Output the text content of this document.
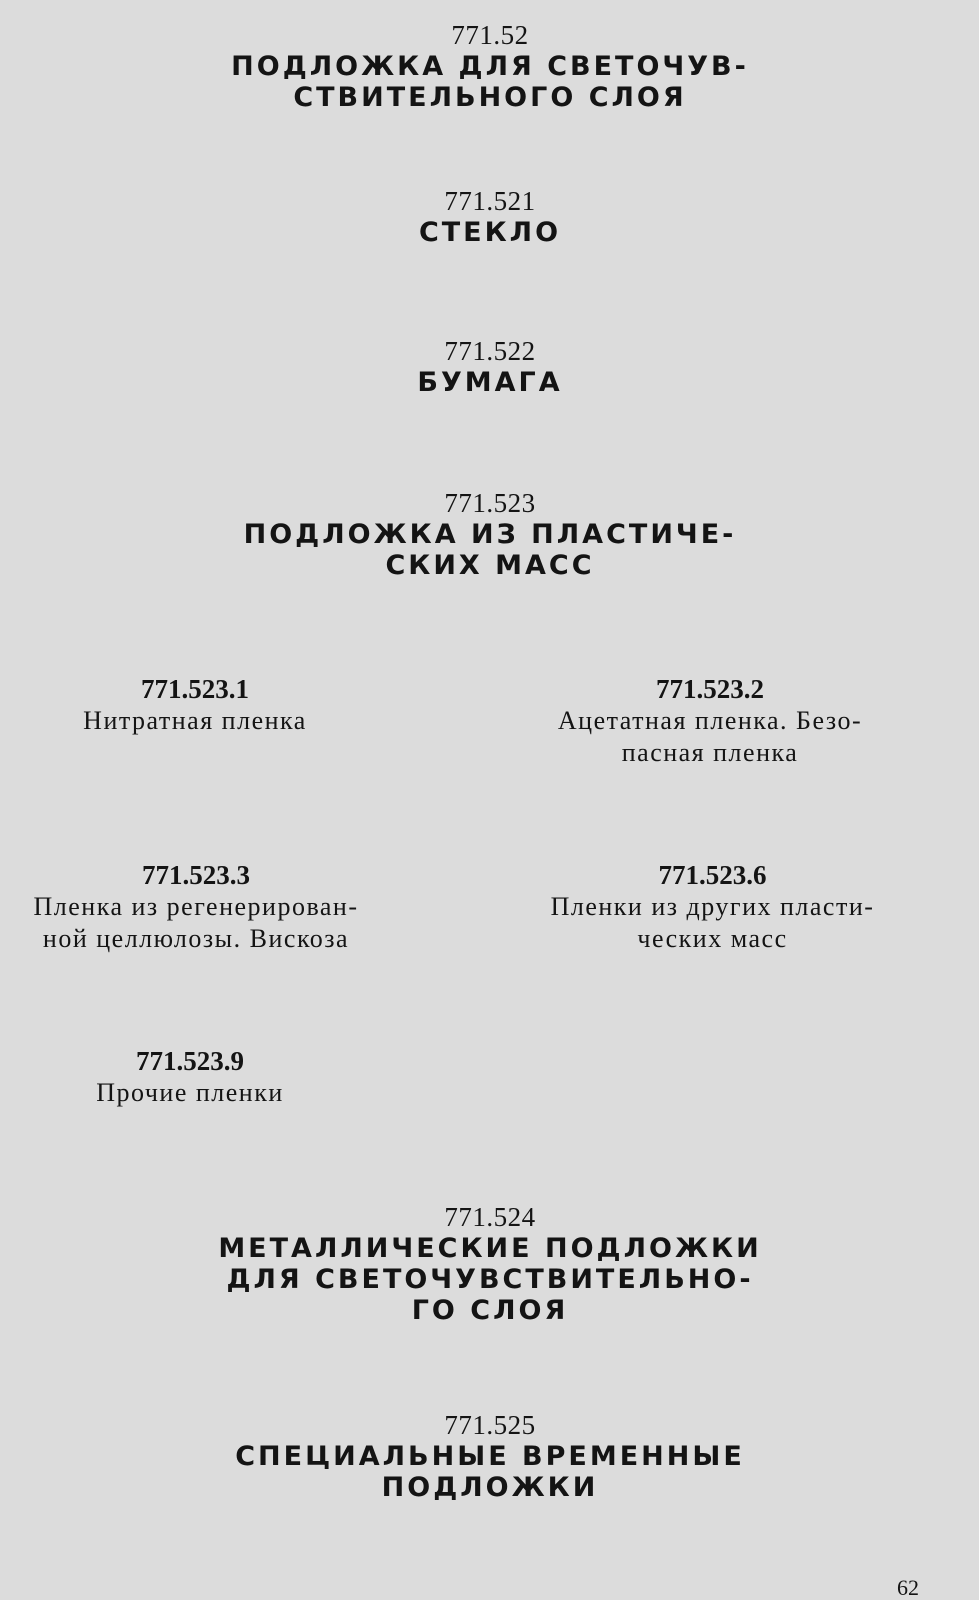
771.52
ПОДЛОЖКА ДЛЯ СВЕТОЧУВ-
СТВИТЕЛЬНОГО СЛОЯ
771.521
СТЕКЛО
771.522
БУМАГА
771.523
ПОДЛОЖКА ИЗ ПЛАСТИЧЕ-
СКИХ МАСС
771.523.1
Нитратная пленка
771.523.2
Ацетатная пленка. Безо-
пасная пленка
771.523.3
Пленка из регенерирован-
ной целлюлозы. Вискоза
771.523.6
Пленки из других пласти-
ческих масс
771.523.9
Прочие пленки
771.524
МЕТАЛЛИЧЕСКИЕ ПОДЛОЖКИ
ДЛЯ СВЕТОЧУВСТВИТЕЛЬНО-
ГО СЛОЯ
771.525
СПЕЦИАЛЬНЫЕ ВРЕМЕННЫЕ
ПОДЛОЖКИ
62
